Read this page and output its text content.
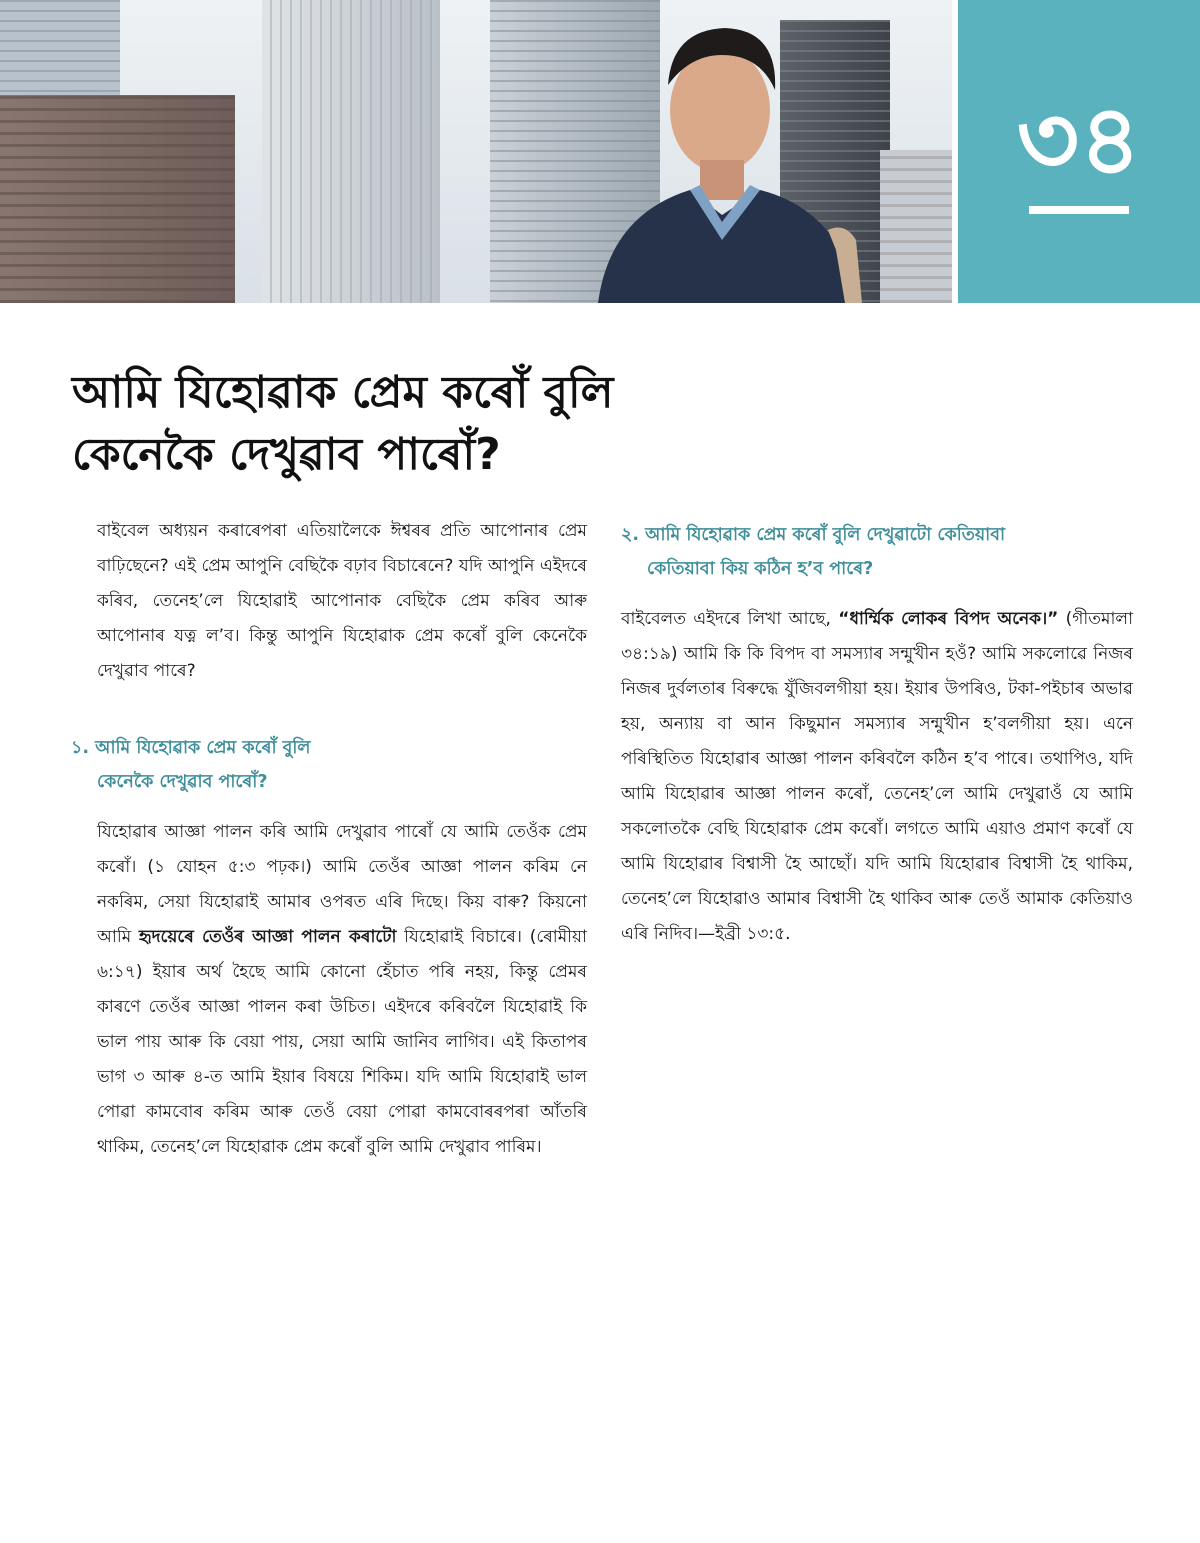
৩৪
আমি যিহোৱাক প্ৰেম কৰোঁ বুলি
কেনেকৈ দেখুৱাব পাৰোঁ?

বাইবেল অধ্যয়ন কৰাৰেপৰা এতিয়ালৈকে ঈশ্বৰৰ প্ৰতি আপোনাৰ প্ৰেম বাঢ়িছেনে? এই প্ৰেম আপুনি বেছিকৈ বঢ়াব বিচাৰেনে? যদি আপুনি এইদৰে কৰিব, তেনেহ’লে যিহোৱাই আপোনাক বেছিকৈ প্ৰেম কৰিব আৰু আপোনাৰ যত্ন ল’ব। কিন্তু আপুনি যিহোৱাক প্ৰেম কৰোঁ বুলি কেনেকৈ দেখুৱাব পাৰে?

১. আমি যিহোৱাক প্ৰেম কৰোঁ বুলি
কেনেকৈ দেখুৱাব পাৰোঁ?

যিহোৱাৰ আজ্ঞা পালন কৰি আমি দেখুৱাব পাৰোঁ যে আমি তেওঁক প্ৰেম কৰোঁ। (১ যোহন ৫:৩ পঢ়ক।) আমি তেওঁৰ আজ্ঞা পালন কৰিম নে নকৰিম, সেয়া যিহোৱাই আমাৰ ওপৰত এৰি দিছে। কিয় বাৰু? কিয়নো আমি হৃদয়েৰে তেওঁৰ আজ্ঞা পালন কৰাটো যিহোৱাই বিচাৰে। (ৰোমীয়া ৬:১৭) ইয়াৰ অৰ্থ হৈছে আমি কোনো হেঁচাত পৰি নহয়, কিন্তু প্ৰেমৰ কাৰণে তেওঁৰ আজ্ঞা পালন কৰা উচিত। এইদৰে কৰিবলৈ যিহোৱাই কি ভাল পায় আৰু কি বেয়া পায়, সেয়া আমি জানিব লাগিব। এই কিতাপৰ ভাগ ৩ আৰু ৪-ত আমি ইয়াৰ বিষয়ে শিকিম। যদি আমি যিহোৱাই ভাল পোৱা কামবোৰ কৰিম আৰু তেওঁ বেয়া পোৱা কামবোৰৰপৰা আঁতৰি থাকিম, তেনেহ’লে যিহোৱাক প্ৰেম কৰোঁ বুলি আমি দেখুৱাব পাৰিম।

২. আমি যিহোৱাক প্ৰেম কৰোঁ বুলি দেখুৱাটো কেতিয়াবা
কেতিয়াবা কিয় কঠিন হ’ব পাৰে?

বাইবেলত এইদৰে লিখা আছে, “ধাৰ্ম্মিক লোকৰ বিপদ অনেক।” (গীতমালা ৩৪:১৯) আমি কি কি বিপদ বা সমস্যাৰ সন্মুখীন হওঁ? আমি সকলোৱে নিজৰ নিজৰ দুৰ্বলতাৰ বিৰুদ্ধে যুঁজিবলগীয়া হয়। ইয়াৰ উপৰিও, টকা-পইচাৰ অভাৱ হয়, অন্যায় বা আন কিছুমান সমস্যাৰ সন্মুখীন হ’বলগীয়া হয়। এনে পৰিস্থিতিত যিহোৱাৰ আজ্ঞা পালন কৰিবলৈ কঠিন হ’ব পাৰে। তথাপিও, যদি আমি যিহোৱাৰ আজ্ঞা পালন কৰোঁ, তেনেহ’লে আমি দেখুৱাওঁ যে আমি সকলোতকৈ বেছি যিহোৱাক প্ৰেম কৰোঁ। লগতে আমি এয়াও প্ৰমাণ কৰোঁ যে আমি যিহোৱাৰ বিশ্বাসী হৈ আছোঁ। যদি আমি যিহোৱাৰ বিশ্বাসী হৈ থাকিম, তেনেহ’লে যিহোৱাও আমাৰ বিশ্বাসী হৈ থাকিব আৰু তেওঁ আমাক কেতিয়াও এৰি নিদিব।—ইব্ৰী ১৩:৫.
